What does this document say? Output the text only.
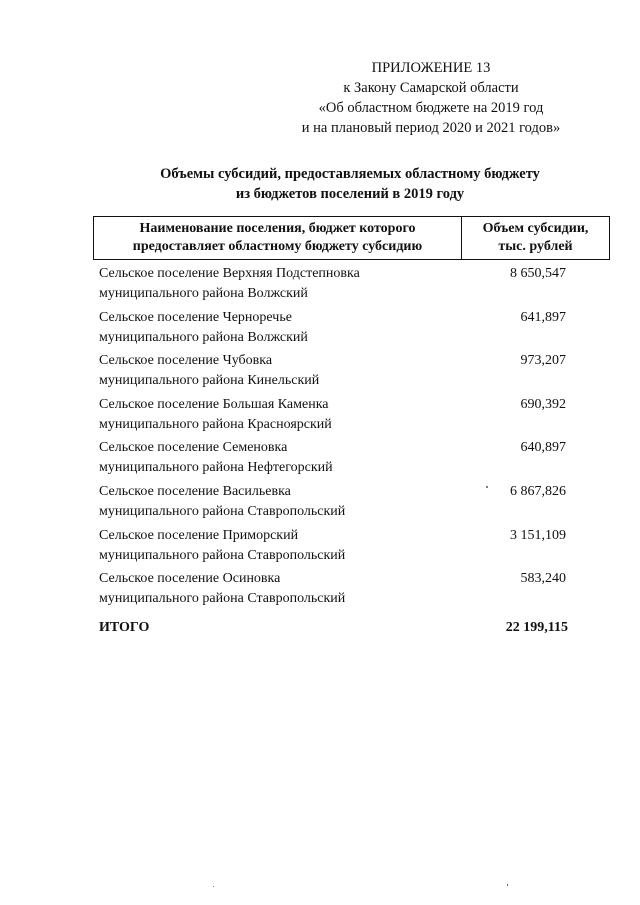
ПРИЛОЖЕНИЕ 13
к Закону Самарской области
«Об областном бюджете на 2019 год
и на плановый период 2020 и 2021 годов»
Объемы субсидий, предоставляемых областному бюджету
из бюджетов поселений в 2019 году
Наименование поселения, бюджет которого
предоставляет областному бюджету субсидию
Объем субсидии,
тыс. рублей
Сельское поселение Верхняя Подстепновка
муниципального района Волжский
8 650,547
Сельское поселение Черноречье
муниципального района Волжский
641,897
Сельское поселение Чубовка
муниципального района Кинельский
973,207
Сельское поселение Большая Каменка
муниципального района Красноярский
690,392
Сельское поселение Семеновка
муниципального района Нефтегорский
640,897
Сельское поселение Васильевка
муниципального района Ставропольский
6 867,826
Сельское поселение Приморский
муниципального района Ставропольский
3 151,109
Сельское поселение Осиновка
муниципального района Ставропольский
583,240
ИТОГО	22 199,115
